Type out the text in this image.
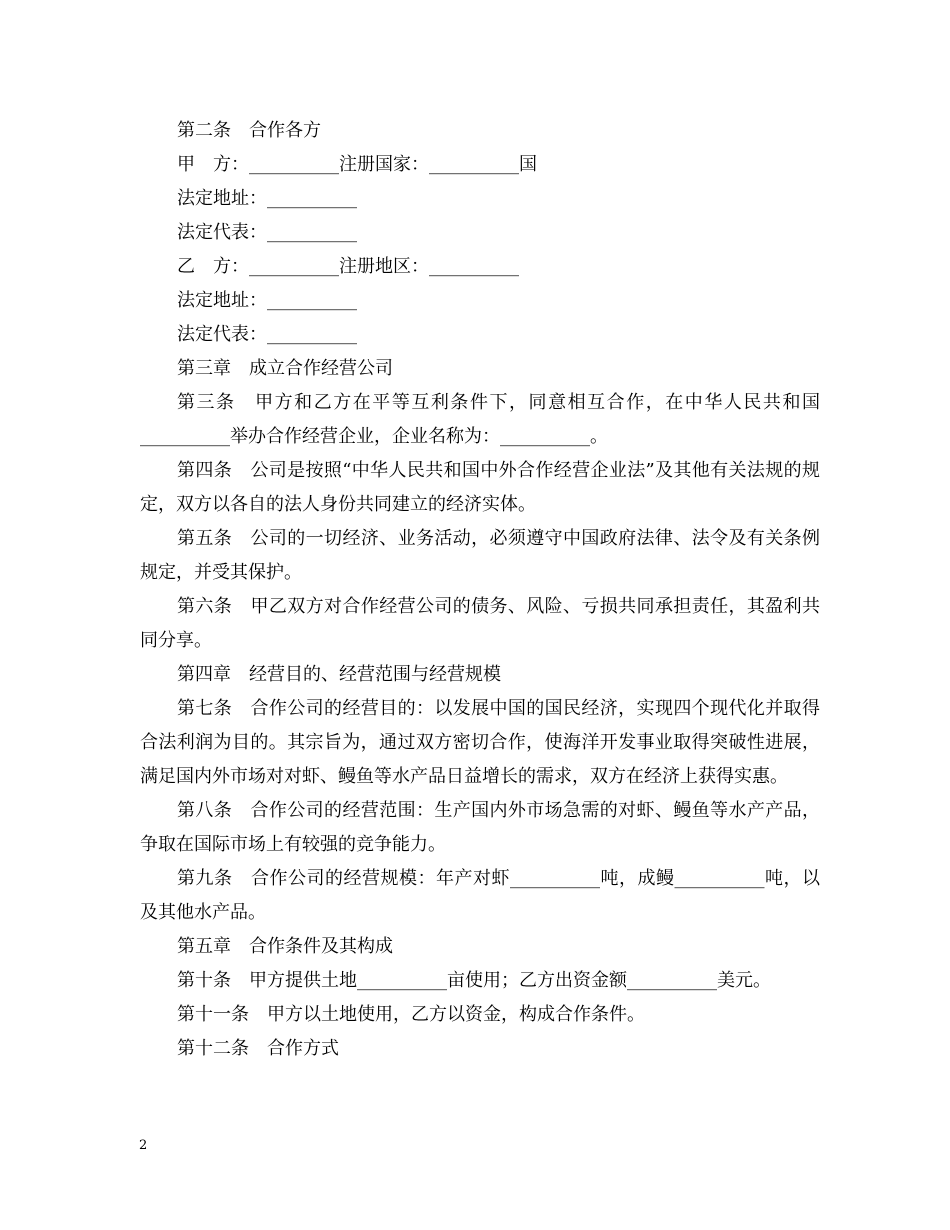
第二条　合作各方

甲　方：__________注册国家：__________国

法定地址：__________

法定代表：__________

乙　方：__________注册地区：__________

法定地址：__________

法定代表：__________

第三章　成立合作经营公司

第三条　甲方和乙方在平等互利条件下，同意相互合作，在中华人民共和国__________举办合作经营企业，企业名称为：__________。

第四条　公司是按照“中华人民共和国中外合作经营企业法”及其他有关法规的规定，双方以各自的法人身份共同建立的经济实体。

第五条　公司的一切经济、业务活动，必须遵守中国政府法律、法令及有关条例规定，并受其保护。

第六条　甲乙双方对合作经营公司的债务、风险、亏损共同承担责任，其盈利共同分享。

第四章　经营目的、经营范围与经营规模

第七条　合作公司的经营目的：以发展中国的国民经济，实现四个现代化并取得合法利润为目的。其宗旨为，通过双方密切合作，使海洋开发事业取得突破性进展，满足国内外市场对对虾、鳗鱼等水产品日益增长的需求，双方在经济上获得实惠。

第八条　合作公司的经营范围：生产国内外市场急需的对虾、鳗鱼等水产产品，争取在国际市场上有较强的竞争能力。

第九条　合作公司的经营规模：年产对虾__________吨，成鳗__________吨，以及其他水产品。

第五章　合作条件及其构成

第十条　甲方提供土地__________亩使用；乙方出资金额__________美元。

第十一条　甲方以土地使用，乙方以资金，构成合作条件。

第十二条　合作方式

2
